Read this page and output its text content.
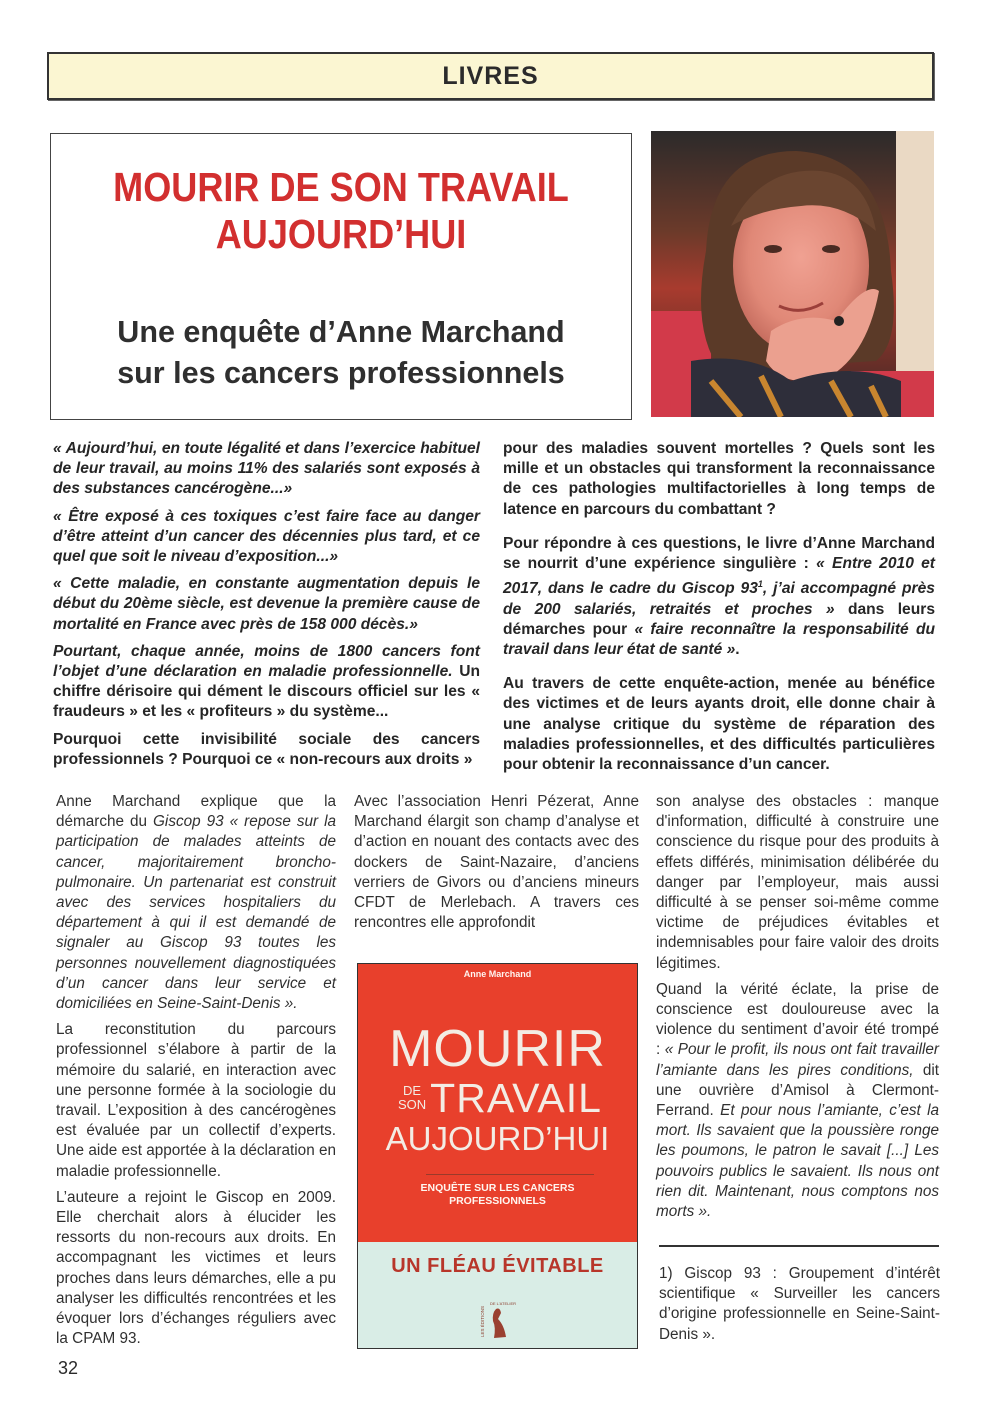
LIVRES
MOURIR DE SON TRAVAIL
AUJOURD’HUI
Une enquête d’Anne Marchand
sur les cancers professionnels

« Aujourd’hui, en toute légalité et dans l’exercice habituel de leur travail, au moins 11% des salariés sont exposés à des substances cancérogène...»

« Être exposé à ces toxiques c’est faire face au danger d’être atteint d’un cancer des décennies plus tard, et ce quel que soit le niveau d’exposition...»

« Cette maladie, en constante augmentation depuis le début du 20ème siècle, est devenue la première cause de mortalité en France avec près de 158 000 décès.»

Pourtant, chaque année, moins de 1800 cancers font l’objet d’une déclaration en maladie professionnelle. Un chiffre dérisoire qui dément le discours officiel sur les « fraudeurs » et les « profiteurs » du système...

Pourquoi cette invisibilité sociale des cancers professionnels ? Pourquoi ce « non-recours aux droits »

pour des maladies souvent mortelles ? Quels sont les mille et un obstacles qui transforment la reconnaissance de ces pathologies multifactorielles à long temps de latence en parcours du combattant ?

Pour répondre à ces questions, le livre d’Anne Marchand se nourrit d’une expérience singulière : « Entre 2010 et 2017, dans le cadre du Giscop $93^1$, j’ai accompagné près de 200 salariés, retraités et proches » dans leurs démarches pour « faire reconnaître la responsabilité du travail dans leur état de santé ».

Au travers de cette enquête-action, menée au bénéfice des victimes et de leurs ayants droit, elle donne chair à une analyse critique du système de réparation des maladies professionnelles, et des difficultés particulières pour obtenir la reconnaissance d’un cancer.

Anne Marchand explique que la démarche du Giscop 93 « repose sur la participation de malades atteints de cancer, majoritairement broncho-pulmonaire. Un partenariat est construit avec des services hospitaliers du département à qui il est demandé de signaler au Giscop 93 toutes les personnes nouvellement diagnostiquées d’un cancer dans leur service et domiciliées en Seine-Saint-Denis ».

La reconstitution du parcours professionnel s’élabore à partir de la mémoire du salarié, en interaction avec une personne formée à la sociologie du travail. L’exposition à des cancérogènes est évaluée par un collectif d’experts. Une aide est apportée à la déclaration en maladie professionnelle.

L’auteure a rejoint le Giscop en 2009. Elle cherchait alors à élucider les ressorts du non-recours aux droits. En accompagnant les victimes et leurs proches dans leurs démarches, elle a pu analyser les difficultés rencontrées et les évoquer lors d’échanges réguliers avec la CPAM 93.

Avec l’association Henri Pézerat, Anne Marchand élargit son champ d’analyse et d’action en nouant des contacts avec des dockers de Saint-Nazaire, d’anciens verriers de Givors ou d’anciens mineurs CFDT de Merlebach. A travers ces rencontres elle approfondit

Anne Marchand
MOURIR
DE
SON TRAVAIL
AUJOURD’HUI
ENQUÊTE SUR LES CANCERS
PROFESSIONNELS
UN FLÉAU ÉVITABLE
LES ÉDITIONS
DE L'ATELIER

son analyse des obstacles : manque d'information, difficulté à construire une conscience du risque pour des produits à effets différés, minimisation délibérée du danger par l’employeur, mais aussi difficulté à se penser soi-même comme victime de préjudices évitables et indemnisables pour faire valoir des droits légitimes.

Quand la vérité éclate, la prise de conscience est douloureuse avec la violence du sentiment d’avoir été trompé : « Pour le profit, ils nous ont fait travailler l’amiante dans les pires conditions, dit une ouvrière d’Amisol à Clermont-Ferrand. Et pour nous l’amiante, c’est la mort. Ils savaient que la poussière ronge les poumons, le patron le savait [...] Les pouvoirs publics le savaient. Ils nous ont rien dit. Maintenant, nous comptons nos morts ».

1) Giscop 93 : Groupement d’intérêt scientifique « Surveiller les cancers d’origine professionnelle en Seine-Saint-Denis ».
32
